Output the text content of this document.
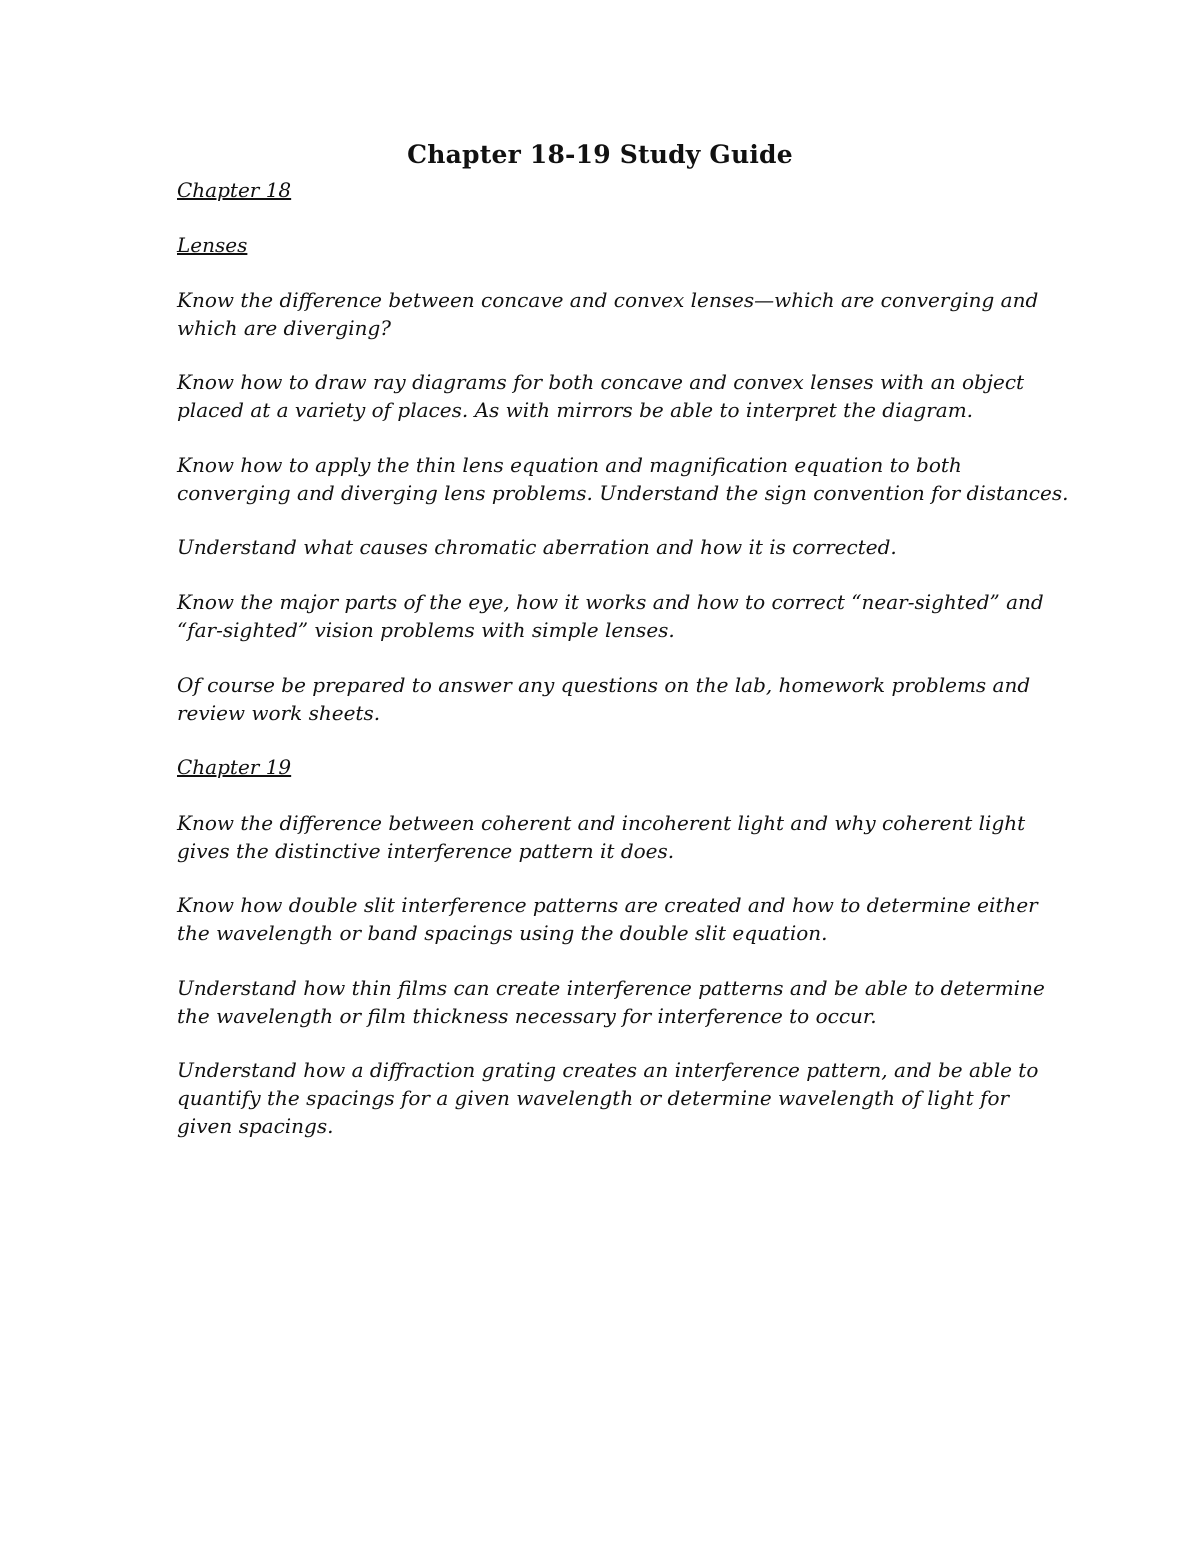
Chapter 18-19 Study Guide
Chapter 18
Lenses

Know the difference between concave and convex lenses—which are converging and
which are diverging?

Know how to draw ray diagrams for both concave and convex lenses with an object
placed at a variety of places. As with mirrors be able to interpret the diagram.

Know how to apply the thin lens equation and magnification equation to both
converging and diverging lens problems. Understand the sign convention for distances.

Understand what causes chromatic aberration and how it is corrected.

Know the major parts of the eye, how it works and how to correct “near-sighted” and
“far-sighted” vision problems with simple lenses.

Of course be prepared to answer any questions on the lab, homework problems and
review work sheets.

Chapter 19

Know the difference between coherent and incoherent light and why coherent light
gives the distinctive interference pattern it does.

Know how double slit interference patterns are created and how to determine either
the wavelength or band spacings using the double slit equation.

Understand how thin films can create interference patterns and be able to determine
the wavelength or film thickness necessary for interference to occur.

Understand how a diffraction grating creates an interference pattern, and be able to
quantify the spacings for a given wavelength or determine wavelength of light for
given spacings.
